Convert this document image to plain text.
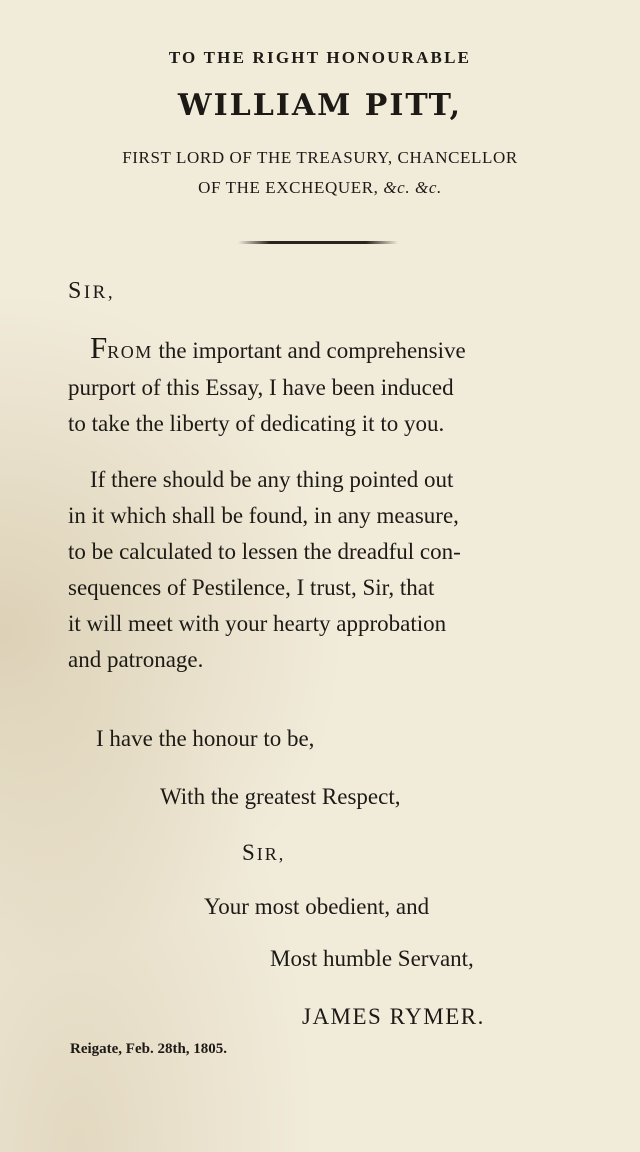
TO THE RIGHT HONOURABLE
WILLIAM PITT,
FIRST LORD OF THE TREASURY, CHANCELLOR
OF THE EXCHEQUER, &c. &c.
SIR,
FROM the important and comprehensive
purport of this Essay, I have been induced
to take the liberty of dedicating it to you.
If there should be any thing pointed out
in it which shall be found, in any measure,
to be calculated to lessen the dreadful con-
sequences of Pestilence, I trust, Sir, that
it will meet with your hearty approbation
and patronage.
I have the honour to be,
With the greatest Respect,
SIR,
Your most obedient, and
Most humble Servant,
JAMES RYMER.
Reigate, Feb. 28th, 1805.
